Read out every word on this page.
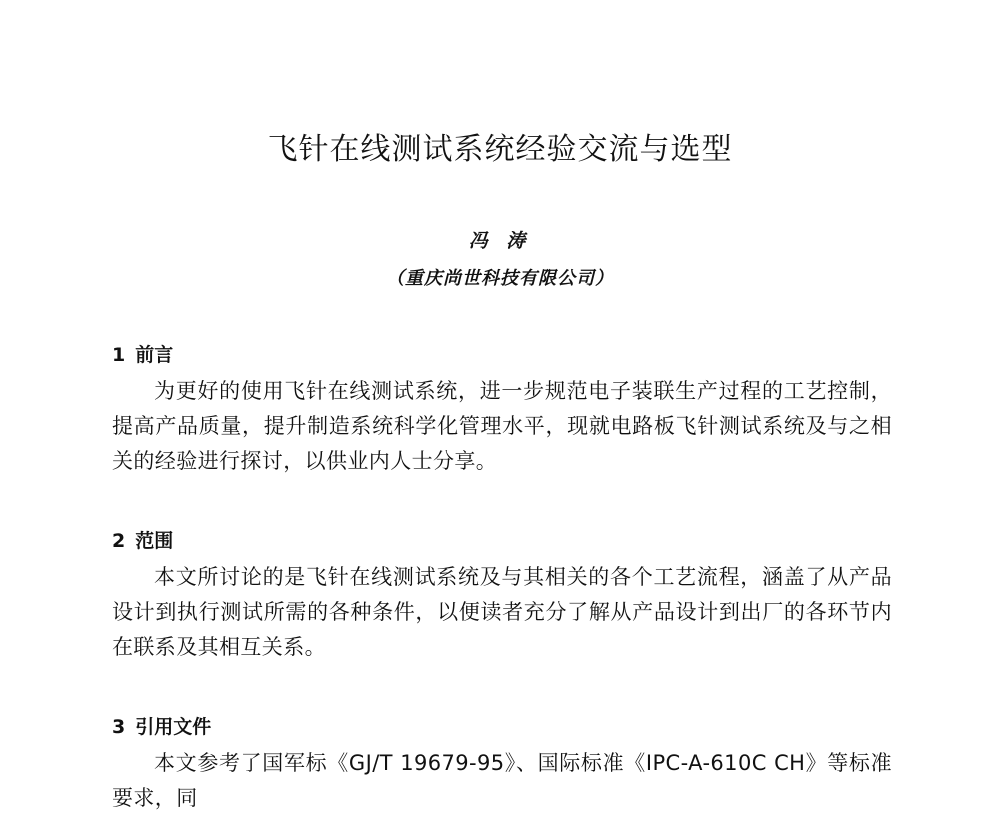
飞针在线测试系统经验交流与选型
冯 涛
（重庆尚世科技有限公司）
1 前言

为更好的使用飞针在线测试系统，进一步规范电子装联生产过程的工艺控制，提高产品质量，提升制造系统科学化管理水平，现就电路板飞针测试系统及与之相关的经验进行探讨，以供业内人士分享。

2 范围

本文所讨论的是飞针在线测试系统及与其相关的各个工艺流程，涵盖了从产品设计到执行测试所需的各种条件，以便读者充分了解从产品设计到出厂的各环节内在联系及其相互关系。

3 引用文件

本文参考了国军标《GJ/T 19679-95》、国际标准《IPC-A-610C CH》等标准要求，同
